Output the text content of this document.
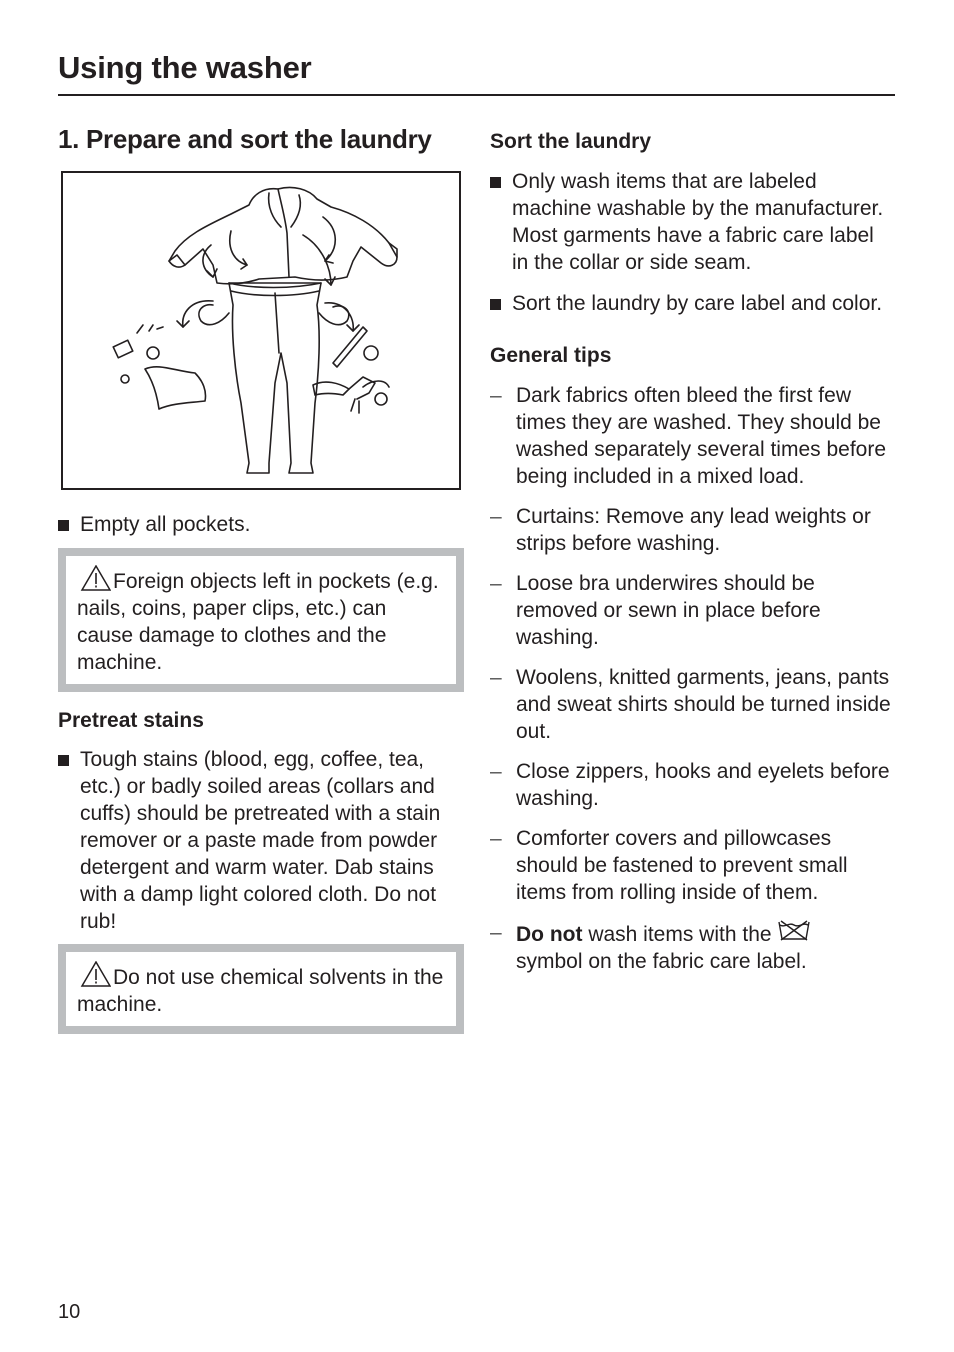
Using the washer
1. Prepare and sort the laundry
Empty all pockets.

Foreign objects left in pockets (e.g. nails, coins, paper clips, etc.) can cause damage to clothes and the machine.

Pretreat stains
Tough stains (blood, egg, coffee, tea, etc.) or badly soiled areas (collars and cuffs) should be pretreated with a stain remover or a paste made from powder detergent and warm water. Dab stains with a damp light colored cloth. Do not rub!

Do not use chemical solvents in the machine.

Sort the laundry
Only wash items that are labeled machine washable by the manufacturer. Most garments have a fabric care label in the collar or side seam.
Sort the laundry by care label and color.
General tips
– Dark fabrics often bleed the first few times they are washed. They should be washed separately several times before being included in a mixed load.
– Curtains: Remove any lead weights or strips before washing.
– Loose bra underwires should be removed or sewn in place before washing.
– Woolens, knitted garments, jeans, pants and sweat shirts should be turned inside out.
– Close zippers, hooks and eyelets before washing.
– Comforter covers and pillowcases should be fastened to prevent small items from rolling inside of them.
– Do not wash items with the
symbol on the fabric care label.
10
